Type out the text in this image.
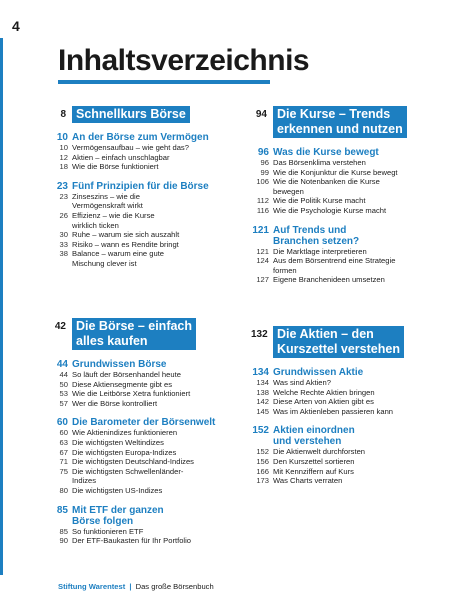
4
Inhaltsverzeichnis
8 Schnellkurs Börse
10 An der Börse zum Vermögen
10 Vermögensaufbau – wie geht das?
12 Aktien – einfach unschlagbar
18 Wie die Börse funktioniert
23 Fünf Prinzipien für die Börse
23 Zinseszins – wie die
Vermögenskraft wirkt
26 Effizienz – wie die Kurse
wirklich ticken
30 Ruhe – warum sie sich auszahlt
33 Risiko – wann es Rendite bringt
38 Balance – warum eine gute
Mischung clever ist
94 Die Kurse – Trends
erkennen und nutzen
96 Was die Kurse bewegt
96 Das Börsenklima verstehen
99 Wie die Konjunktur die Kurse bewegt
106 Wie die Notenbanken die Kurse
bewegen
112 Wie die Politik Kurse macht
116 Wie die Psychologie Kurse macht
121 Auf Trends und
Branchen setzen?
121 Die Marktlage interpretieren
124 Aus dem Börsentrend eine Strategie
formen
127 Eigene Branchenideen umsetzen
42 Die Börse – einfach
alles kaufen
44 Grundwissen Börse
44 So läuft der Börsenhandel heute
50 Diese Aktiensegmente gibt es
53 Wie die Leitbörse Xetra funktioniert
57 Wer die Börse kontrolliert
60 Die Barometer der Börsenwelt
60 Wie Aktienindizes funktionieren
63 Die wichtigsten Weltindizes
67 Die wichtigsten Europa-Indizes
71 Die wichtigsten Deutschland-Indizes
75 Die wichtigsten Schwellenländer-
Indizes
80 Die wichtigsten US-Indizes
85 Mit ETF der ganzen
Börse folgen
85 So funktionieren ETF
90 Der ETF-Baukasten für Ihr Portfolio
132 Die Aktien – den
Kurszettel verstehen
134 Grundwissen Aktie
134 Was sind Aktien?
138 Welche Rechte Aktien bringen
142 Diese Arten von Aktien gibt es
145 Was im Aktienleben passieren kann
152 Aktien einordnen
und verstehen
152 Die Aktienwelt durchforsten
156 Den Kurszettel sortieren
166 Mit Kennziffern auf Kurs
173 Was Charts verraten
Stiftung Warentest | Das große Börsenbuch
